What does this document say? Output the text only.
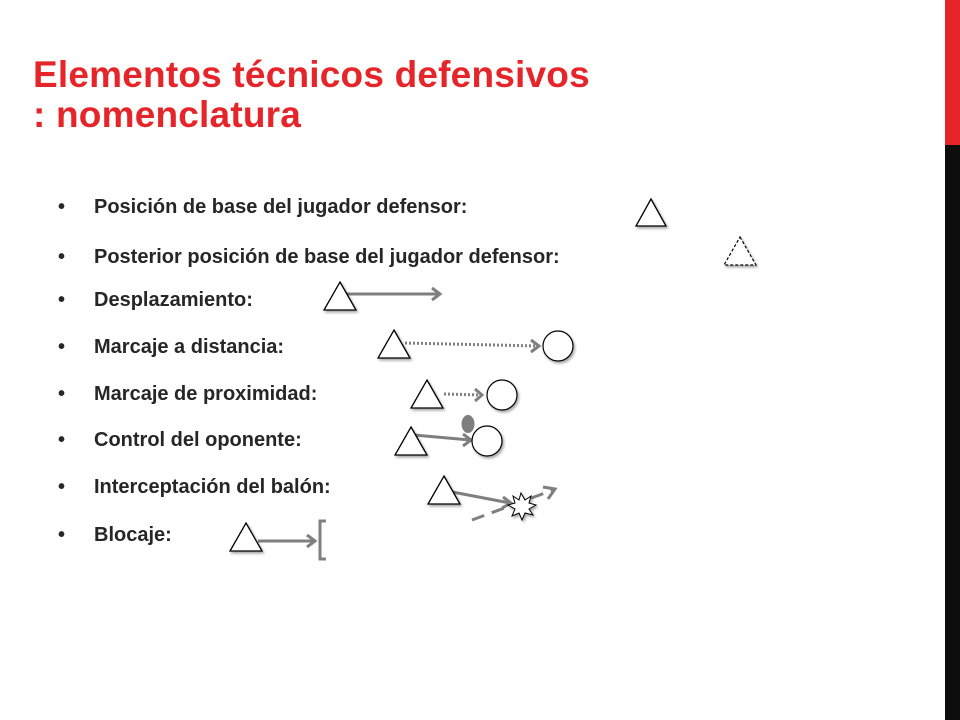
Elementos técnicos defensivos
: nomenclatura
• Posición de base del jugador defensor:
• Posterior posición de base del jugador defensor:
• Desplazamiento:
• Marcaje a distancia:
• Marcaje de proximidad:
• Control del oponente:
• Interceptación del balón:
• Blocaje:
